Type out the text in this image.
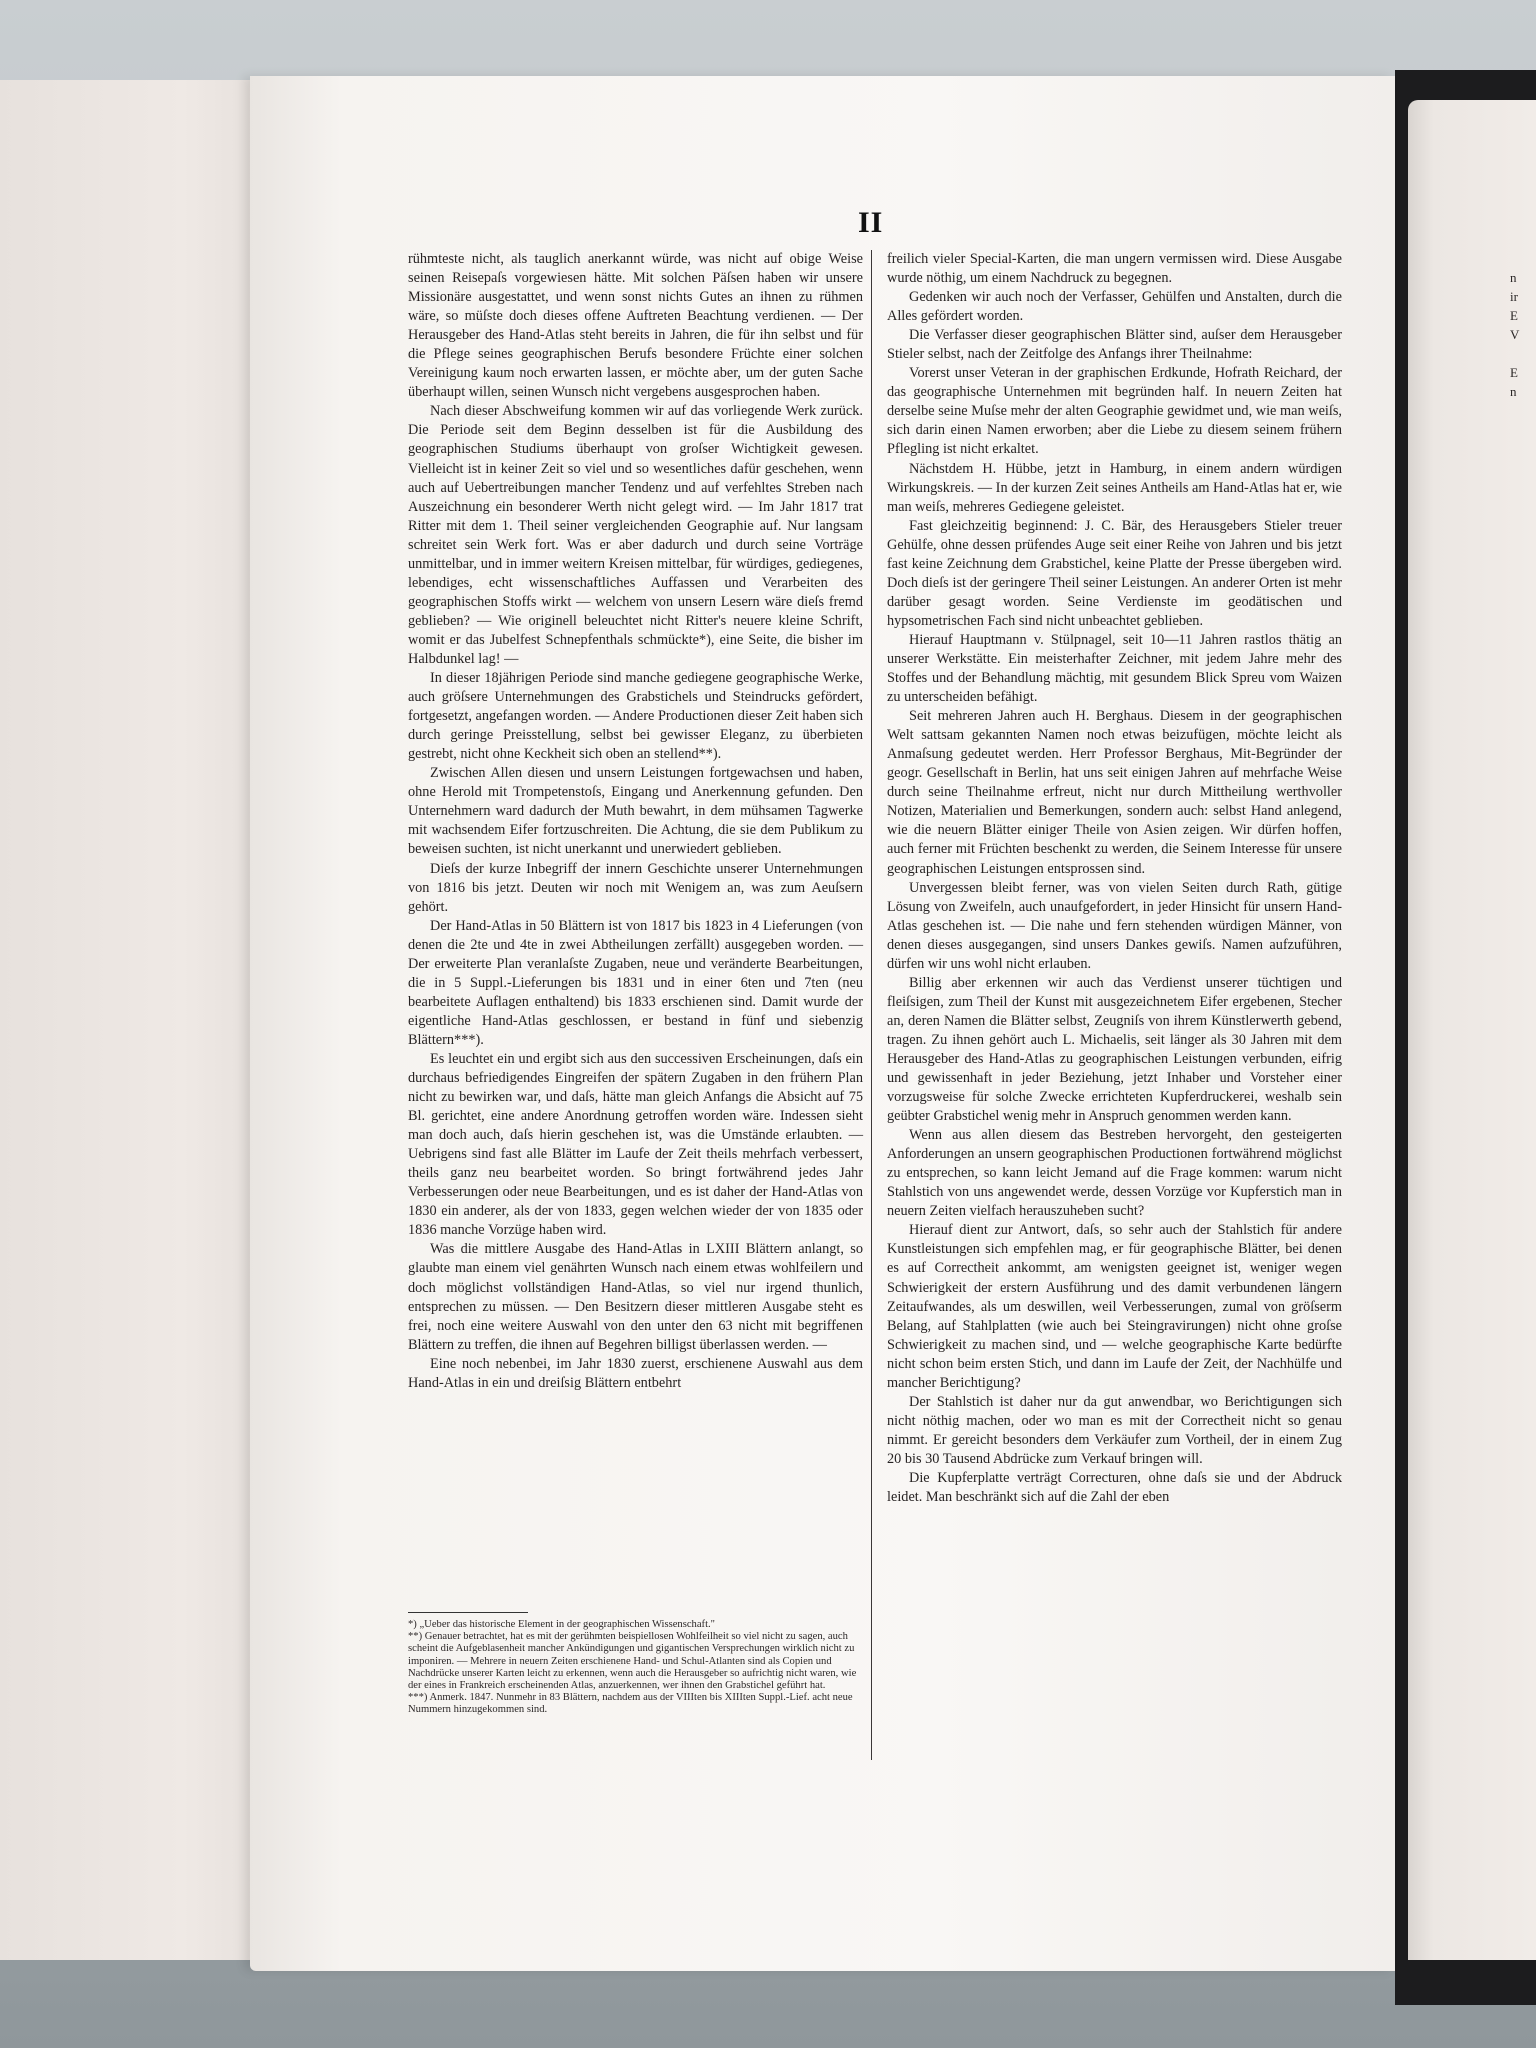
n
ir
E
V
E
n
II

rühmteste nicht, als tauglich anerkannt würde, was nicht auf obige Weise seinen Reisepaſs vorgewiesen hätte. Mit solchen Päſsen haben wir unsere Missionäre ausgestattet, und wenn sonst nichts Gutes an ihnen zu rühmen wäre, so müſste doch dieses offene Auftreten Beachtung verdienen. — Der Herausgeber des Hand-Atlas steht bereits in Jahren, die für ihn selbst und für die Pflege seines geographischen Berufs besondere Früchte einer solchen Vereinigung kaum noch erwarten lassen, er möchte aber, um der guten Sache überhaupt willen, seinen Wunsch nicht vergebens ausgesprochen haben.

Nach dieser Abschweifung kommen wir auf das vorliegende Werk zurück. Die Periode seit dem Beginn desselben ist für die Ausbildung des geographischen Studiums überhaupt von groſser Wichtigkeit gewesen. Vielleicht ist in keiner Zeit so viel und so wesentliches dafür geschehen, wenn auch auf Uebertreibungen mancher Tendenz und auf verfehltes Streben nach Auszeichnung ein besonderer Werth nicht gelegt wird. — Im Jahr 1817 trat Ritter mit dem 1. Theil seiner vergleichenden Geographie auf. Nur langsam schreitet sein Werk fort. Was er aber dadurch und durch seine Vorträge unmittelbar, und in immer weitern Kreisen mittelbar, für würdiges, gediegenes, lebendiges, echt wissenschaftliches Auffassen und Verarbeiten des geographischen Stoffs wirkt — welchem von unsern Lesern wäre dieſs fremd geblieben? — Wie originell beleuchtet nicht Ritter's neuere kleine Schrift, womit er das Jubelfest Schnepfenthals schmückte*), eine Seite, die bisher im Halbdunkel lag! —

In dieser 18jährigen Periode sind manche gediegene geographische Werke, auch gröſsere Unternehmungen des Grabstichels und Steindrucks gefördert, fortgesetzt, angefangen worden. — Andere Productionen dieser Zeit haben sich durch geringe Preisstellung, selbst bei gewisser Eleganz, zu überbieten gestrebt, nicht ohne Keckheit sich oben an stellend**).

Zwischen Allen diesen und unsern Leistungen fortgewachsen und haben, ohne Herold mit Trompetenstoſs, Eingang und Anerkennung gefunden. Den Unternehmern ward dadurch der Muth bewahrt, in dem mühsamen Tagwerke mit wachsendem Eifer fortzuschreiten. Die Achtung, die sie dem Publikum zu beweisen suchten, ist nicht unerkannt und unerwiedert geblieben.

Dieſs der kurze Inbegriff der innern Geschichte unserer Unternehmungen von 1816 bis jetzt. Deuten wir noch mit Wenigem an, was zum Aeuſsern gehört.

Der Hand-Atlas in 50 Blättern ist von 1817 bis 1823 in 4 Lieferungen (von denen die 2te und 4te in zwei Abtheilungen zerfällt) ausgegeben worden. — Der erweiterte Plan veranlaſste Zugaben, neue und veränderte Bearbeitungen, die in 5 Suppl.-Lieferungen bis 1831 und in einer 6ten und 7ten (neu bearbeitete Auflagen enthaltend) bis 1833 erschienen sind. Damit wurde der eigentliche Hand-Atlas geschlossen, er bestand in fünf und siebenzig Blättern***).

Es leuchtet ein und ergibt sich aus den successiven Erscheinungen, daſs ein durchaus befriedigendes Eingreifen der spätern Zugaben in den frühern Plan nicht zu bewirken war, und daſs, hätte man gleich Anfangs die Absicht auf 75 Bl. gerichtet, eine andere Anordnung getroffen worden wäre. Indessen sieht man doch auch, daſs hierin geschehen ist, was die Umstände erlaubten. — Uebrigens sind fast alle Blätter im Laufe der Zeit theils mehrfach verbessert, theils ganz neu bearbeitet worden. So bringt fortwährend jedes Jahr Verbesserungen oder neue Bearbeitungen, und es ist daher der Hand-Atlas von 1830 ein anderer, als der von 1833, gegen welchen wieder der von 1835 oder 1836 manche Vorzüge haben wird.

Was die mittlere Ausgabe des Hand-Atlas in LXIII Blättern anlangt, so glaubte man einem viel genährten Wunsch nach einem etwas wohlfeilern und doch möglichst vollständigen Hand-Atlas, so viel nur irgend thunlich, entsprechen zu müssen. — Den Besitzern dieser mittleren Ausgabe steht es frei, noch eine weitere Auswahl von den unter den 63 nicht mit begriffenen Blättern zu treffen, die ihnen auf Begehren billigst überlassen werden. —

Eine noch nebenbei, im Jahr 1830 zuerst, erschienene Auswahl aus dem Hand-Atlas in ein und dreiſsig Blättern entbehrt

freilich vieler Special-Karten, die man ungern vermissen wird. Diese Ausgabe wurde nöthig, um einem Nachdruck zu begegnen.

Gedenken wir auch noch der Verfasser, Gehülfen und Anstalten, durch die Alles gefördert worden.

Die Verfasser dieser geographischen Blätter sind, auſser dem Herausgeber Stieler selbst, nach der Zeitfolge des Anfangs ihrer Theilnahme:

Vorerst unser Veteran in der graphischen Erdkunde, Hofrath Reichard, der das geographische Unternehmen mit begründen half. In neuern Zeiten hat derselbe seine Muſse mehr der alten Geographie gewidmet und, wie man weiſs, sich darin einen Namen erworben; aber die Liebe zu diesem seinem frühern Pflegling ist nicht erkaltet.

Nächstdem H. Hübbe, jetzt in Hamburg, in einem andern würdigen Wirkungskreis. — In der kurzen Zeit seines Antheils am Hand-Atlas hat er, wie man weiſs, mehreres Gediegene geleistet.

Fast gleichzeitig beginnend: J. C. Bär, des Herausgebers Stieler treuer Gehülfe, ohne dessen prüfendes Auge seit einer Reihe von Jahren und bis jetzt fast keine Zeichnung dem Grabstichel, keine Platte der Presse übergeben wird. Doch dieſs ist der geringere Theil seiner Leistungen. An anderer Orten ist mehr darüber gesagt worden. Seine Verdienste im geodätischen und hypsometrischen Fach sind nicht unbeachtet geblieben.

Hierauf Hauptmann v. Stülpnagel, seit 10—11 Jahren rastlos thätig an unserer Werkstätte. Ein meisterhafter Zeichner, mit jedem Jahre mehr des Stoffes und der Behandlung mächtig, mit gesundem Blick Spreu vom Waizen zu unterscheiden befähigt.

Seit mehreren Jahren auch H. Berghaus. Diesem in der geographischen Welt sattsam gekannten Namen noch etwas beizufügen, möchte leicht als Anmaſsung gedeutet werden. Herr Professor Berghaus, Mit-Begründer der geogr. Gesellschaft in Berlin, hat uns seit einigen Jahren auf mehrfache Weise durch seine Theilnahme erfreut, nicht nur durch Mittheilung werthvoller Notizen, Materialien und Bemerkungen, sondern auch: selbst Hand anlegend, wie die neuern Blätter einiger Theile von Asien zeigen. Wir dürfen hoffen, auch ferner mit Früchten beschenkt zu werden, die Seinem Interesse für unsere geographischen Leistungen entsprossen sind.

Unvergessen bleibt ferner, was von vielen Seiten durch Rath, gütige Lösung von Zweifeln, auch unaufgefordert, in jeder Hinsicht für unsern Hand-Atlas geschehen ist. — Die nahe und fern stehenden würdigen Männer, von denen dieses ausgegangen, sind unsers Dankes gewiſs. Namen aufzuführen, dürfen wir uns wohl nicht erlauben.

Billig aber erkennen wir auch das Verdienst unserer tüchtigen und fleiſsigen, zum Theil der Kunst mit ausgezeichnetem Eifer ergebenen, Stecher an, deren Namen die Blätter selbst, Zeugniſs von ihrem Künstlerwerth gebend, tragen. Zu ihnen gehört auch L. Michaelis, seit länger als 30 Jahren mit dem Herausgeber des Hand-Atlas zu geographischen Leistungen verbunden, eifrig und gewissenhaft in jeder Beziehung, jetzt Inhaber und Vorsteher einer vorzugsweise für solche Zwecke errichteten Kupferdruckerei, weshalb sein geübter Grabstichel wenig mehr in Anspruch genommen werden kann.

Wenn aus allen diesem das Bestreben hervorgeht, den gesteigerten Anforderungen an unsern geographischen Productionen fortwährend möglichst zu entsprechen, so kann leicht Jemand auf die Frage kommen: warum nicht Stahlstich von uns angewendet werde, dessen Vorzüge vor Kupferstich man in neuern Zeiten vielfach herauszuheben sucht?

Hierauf dient zur Antwort, daſs, so sehr auch der Stahlstich für andere Kunstleistungen sich empfehlen mag, er für geographische Blätter, bei denen es auf Correctheit ankommt, am wenigsten geeignet ist, weniger wegen Schwierigkeit der erstern Ausführung und des damit verbundenen längern Zeitaufwandes, als um deswillen, weil Verbesserungen, zumal von gröſserm Belang, auf Stahlplatten (wie auch bei Steingravirungen) nicht ohne groſse Schwierigkeit zu machen sind, und — welche geographische Karte bedürfte nicht schon beim ersten Stich, und dann im Laufe der Zeit, der Nachhülfe und mancher Berichtigung?

Der Stahlstich ist daher nur da gut anwendbar, wo Berichtigungen sich nicht nöthig machen, oder wo man es mit der Correctheit nicht so genau nimmt. Er gereicht besonders dem Verkäufer zum Vortheil, der in einem Zug 20 bis 30 Tausend Abdrücke zum Verkauf bringen will.

Die Kupferplatte verträgt Correcturen, ohne daſs sie und der Abdruck leidet. Man beschränkt sich auf die Zahl der eben

*) „Ueber das historische Element in der geographischen Wissenschaft."

**) Genauer betrachtet, hat es mit der gerühmten beispiellosen Wohlfeilheit so viel nicht zu sagen, auch scheint die Aufgeblasenheit mancher Ankündigungen und gigantischen Versprechungen wirklich nicht zu imponiren. — Mehrere in neuern Zeiten erschienene Hand- und Schul-Atlanten sind als Copien und Nachdrücke unserer Karten leicht zu erkennen, wenn auch die Herausgeber so aufrichtig nicht waren, wie der eines in Frankreich erscheinenden Atlas, anzuerkennen, wer ihnen den Grabstichel geführt hat.

***) Anmerk. 1847. Nunmehr in 83 Blättern, nachdem aus der VIIIten bis XIIIten Suppl.-Lief. acht neue Nummern hinzugekommen sind.
